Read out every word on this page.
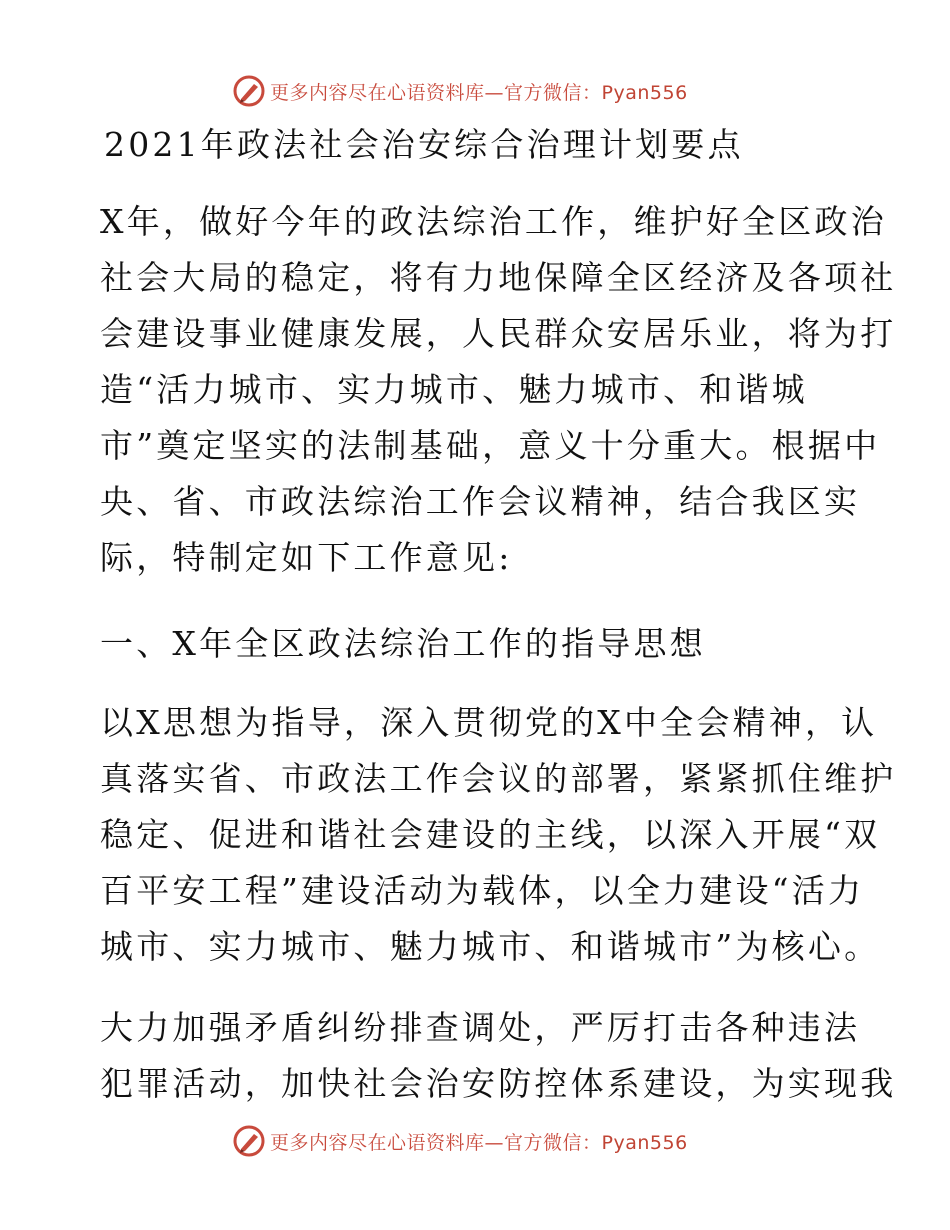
更多内容尽在心语资料库—官方微信：Pyan556
2021年政法社会治安综合治理计划要点
X年，做好今年的政法综治工作，维护好全区政治
社会大局的稳定，将有力地保障全区经济及各项社
会建设事业健康发展，人民群众安居乐业，将为打
造“活力城市、实力城市、魅力城市、和谐城
市”奠定坚实的法制基础，意义十分重大。根据中
央、省、市政法综治工作会议精神，结合我区实
际，特制定如下工作意见:
一、X年全区政法综治工作的指导思想
以X思想为指导，深入贯彻党的X中全会精神，认
真落实省、市政法工作会议的部署，紧紧抓住维护
稳定、促进和谐社会建设的主线，以深入开展“双
百平安工程”建设活动为载体，以全力建设“活力
城市、实力城市、魅力城市、和谐城市”为核心。
大力加强矛盾纠纷排查调处，严厉打击各种违法
犯罪活动，加快社会治安防控体系建设，为实现我
更多内容尽在心语资料库—官方微信：Pyan556
